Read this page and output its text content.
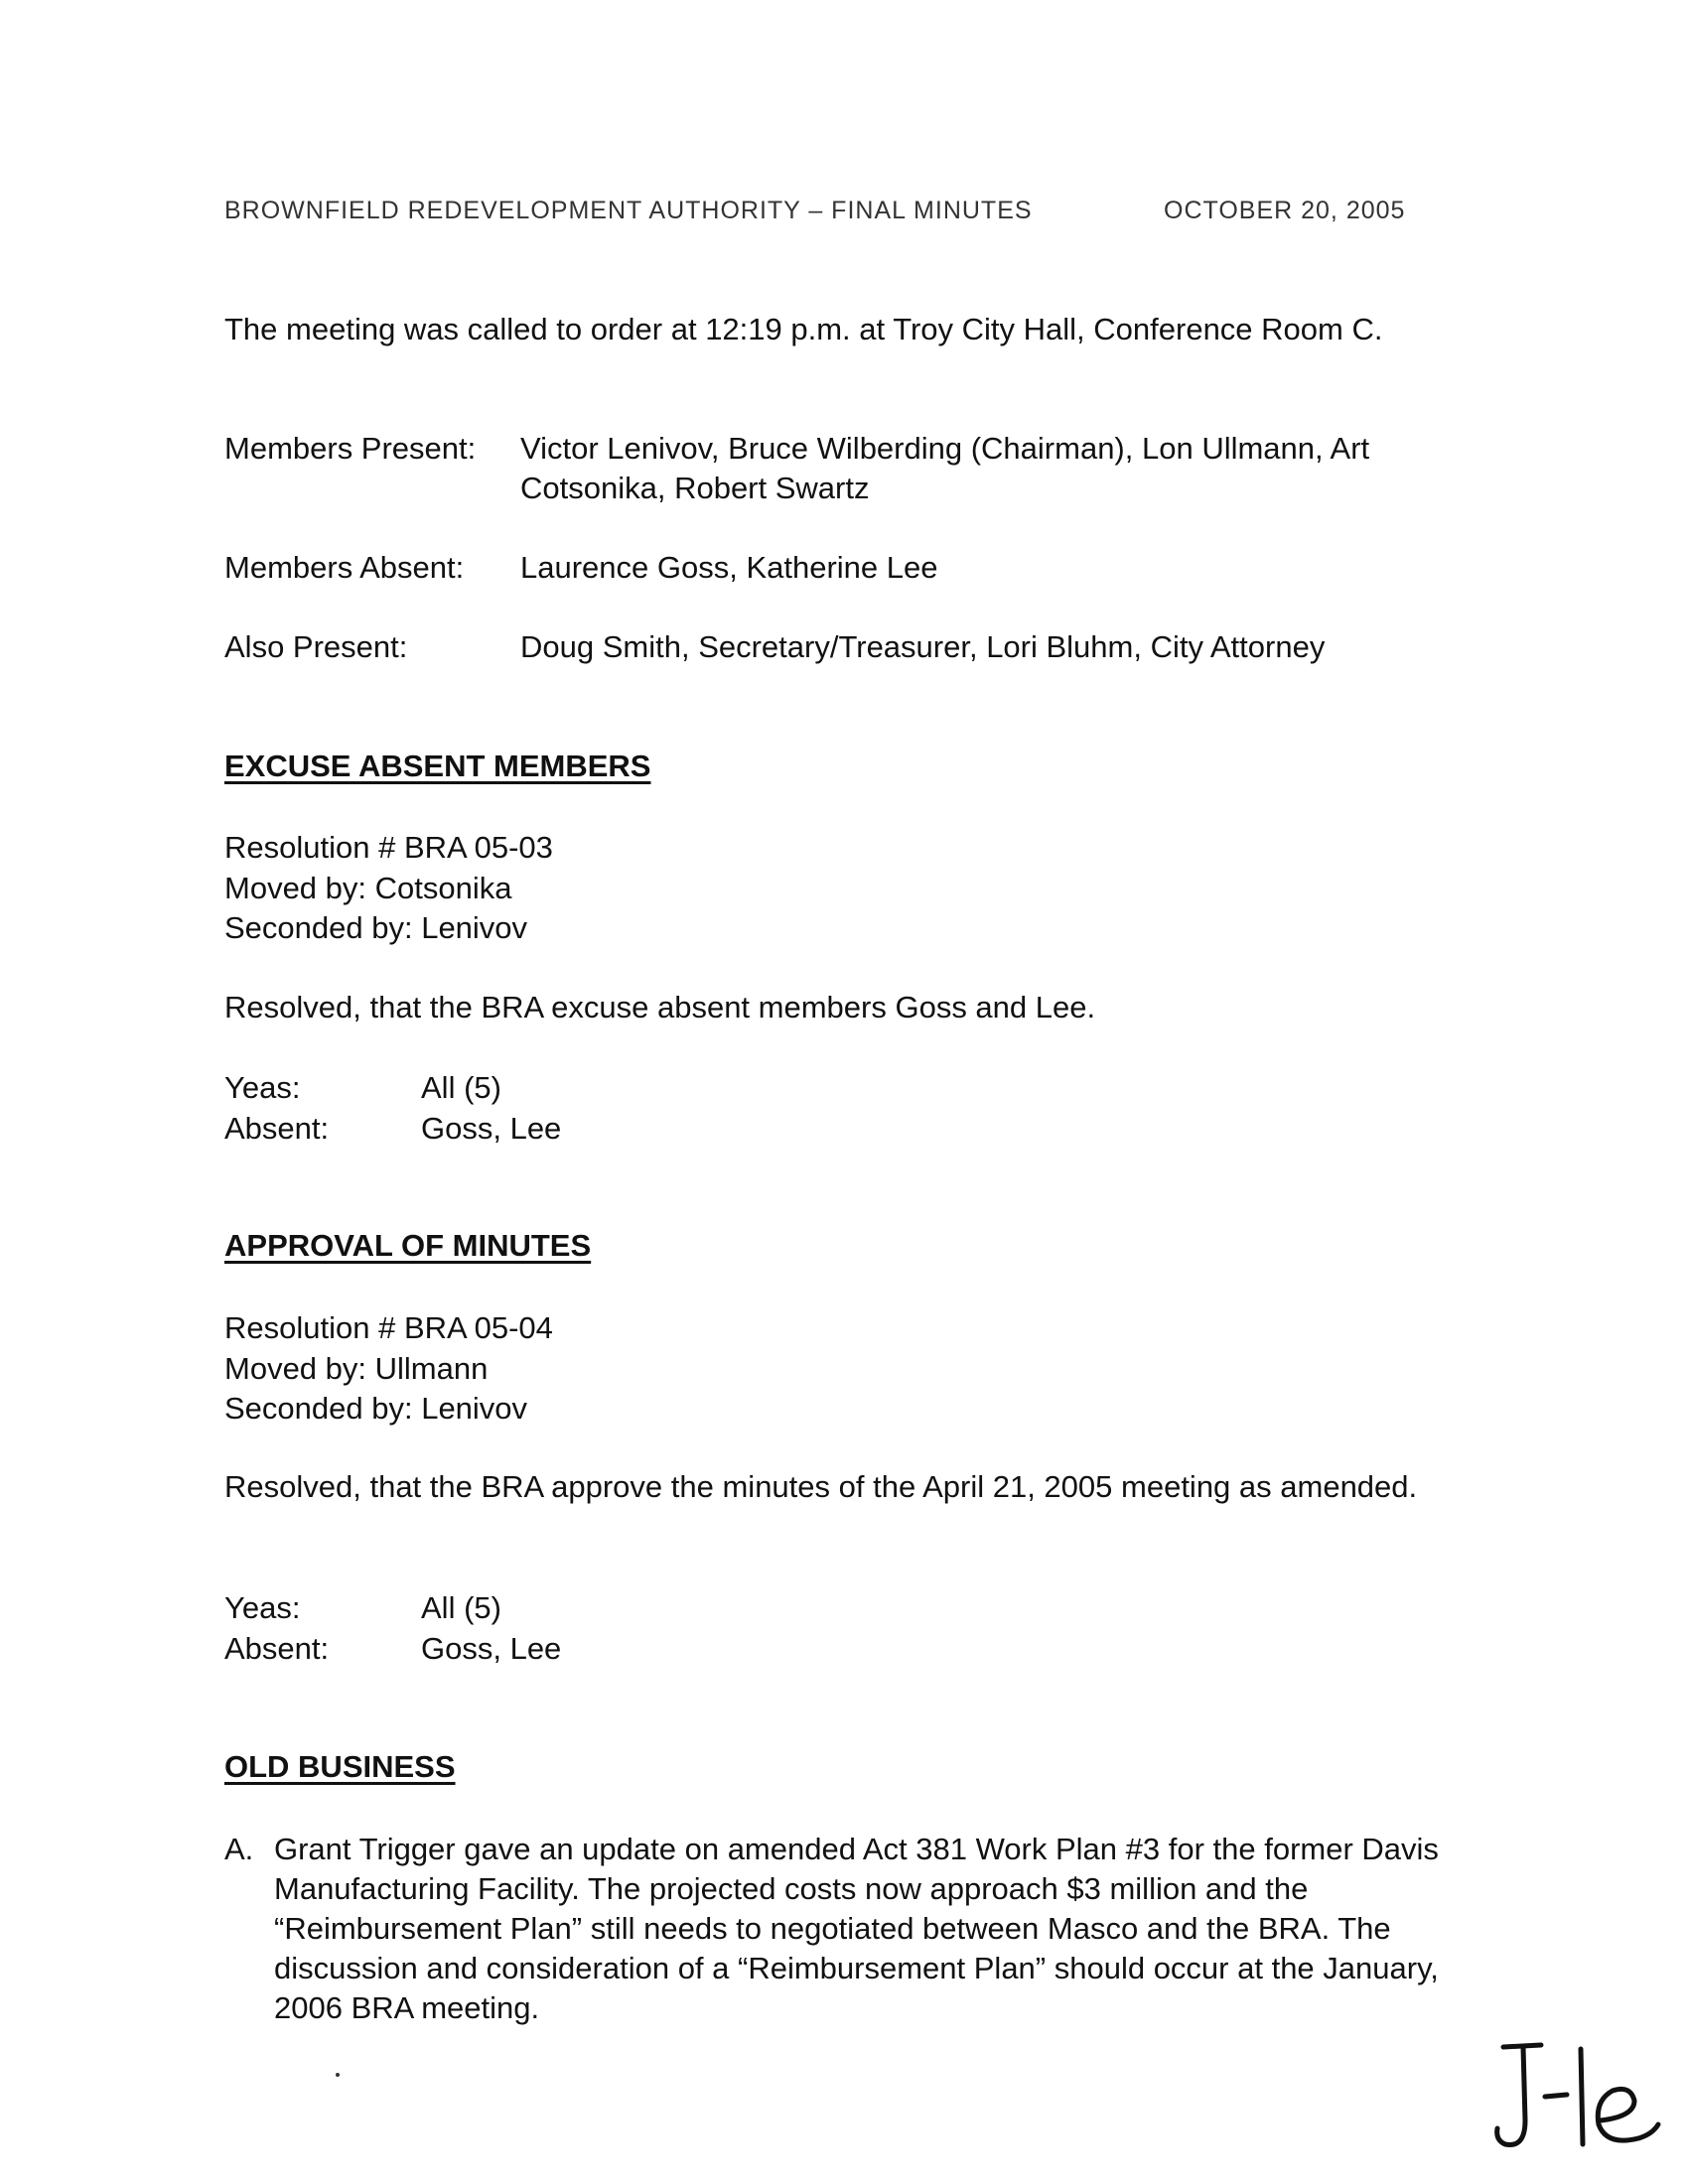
BROWNFIELD REDEVELOPMENT AUTHORITY – FINAL MINUTES	OCTOBER 20, 2005
The meeting was called to order at 12:19 p.m. at Troy City Hall, Conference Room C.
Members Present: Victor Lenivov, Bruce Wilberding (Chairman), Lon Ullmann, Art Cotsonika, Robert Swartz
Members Absent: Laurence Goss, Katherine Lee
Also Present:	Doug Smith, Secretary/Treasurer, Lori Bluhm, City Attorney
EXCUSE ABSENT MEMBERS
Resolution # BRA 05-03
Moved by: Cotsonika
Seconded by: Lenivov
Resolved, that the BRA excuse absent members Goss and Lee.
Yeas:	All (5)
Absent:	Goss, Lee
APPROVAL OF MINUTES
Resolution # BRA 05-04
Moved by: Ullmann
Seconded by: Lenivov
Resolved, that the BRA approve the minutes of the April 21, 2005 meeting as amended.
Yeas:	All (5)
Absent:	Goss, Lee
OLD BUSINESS
A. Grant Trigger gave an update on amended Act 381 Work Plan #3 for the former Davis Manufacturing Facility. The projected costs now approach $3 million and the “Reimbursement Plan” still needs to negotiated between Masco and the BRA. The discussion and consideration of a “Reimbursement Plan” should occur at the January, 2006 BRA meeting.
